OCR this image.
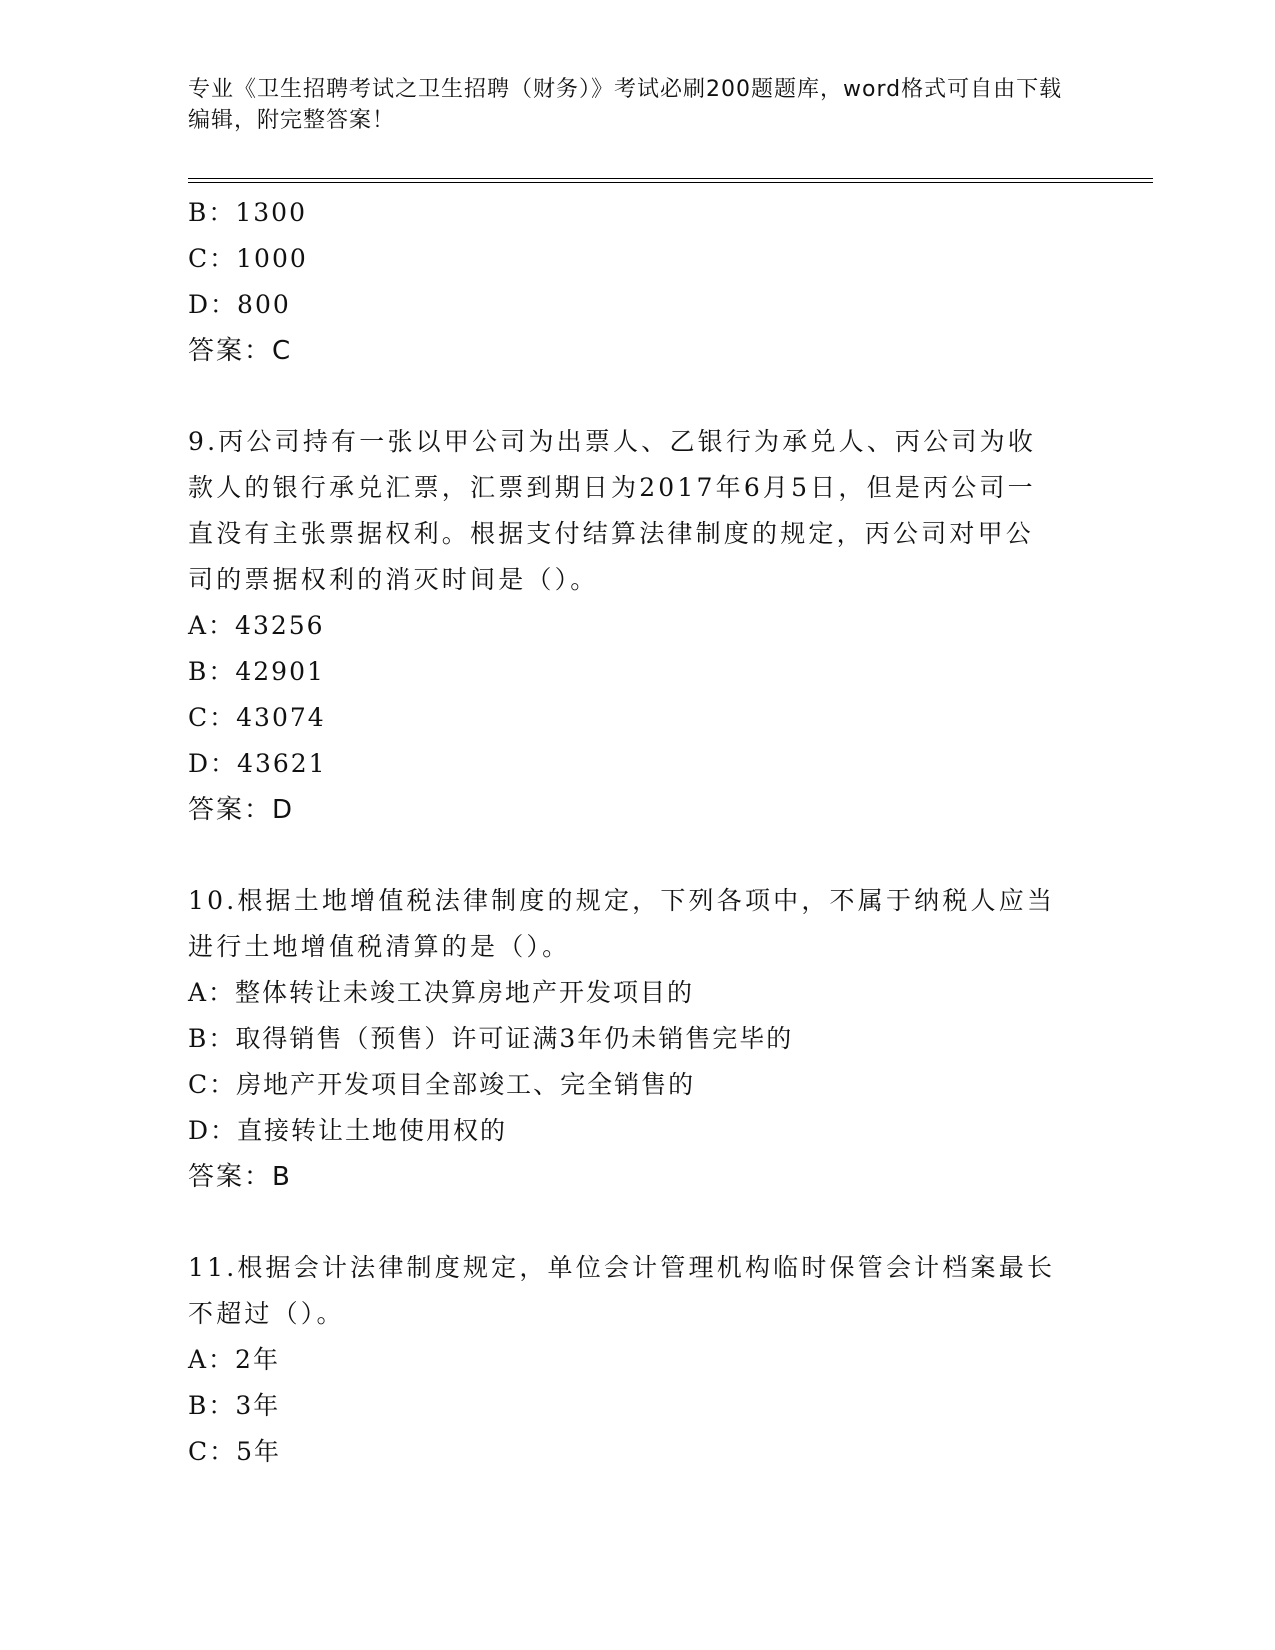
专业《卫生招聘考试之卫生招聘（财务）》考试必刷200题题库，word格式可自由下载编辑，附完整答案！
B：1300
C：1000
D：800
答案：C
9.丙公司持有一张以甲公司为出票人、乙银行为承兑人、丙公司为收
款人的银行承兑汇票，汇票到期日为2017年6月5日，但是丙公司一
直没有主张票据权利。根据支付结算法律制度的规定，丙公司对甲公
司的票据权利的消灭时间是（）。
A：43256
B：42901
C：43074
D：43621
答案：D
10.根据土地增值税法律制度的规定，下列各项中，不属于纳税人应当
进行土地增值税清算的是（）。
A：整体转让未竣工决算房地产开发项目的
B：取得销售（预售）许可证满3年仍未销售完毕的
C：房地产开发项目全部竣工、完全销售的
D：直接转让土地使用权的
答案：B
11.根据会计法律制度规定，单位会计管理机构临时保管会计档案最长
不超过（）。
A：2年
B：3年
C：5年
